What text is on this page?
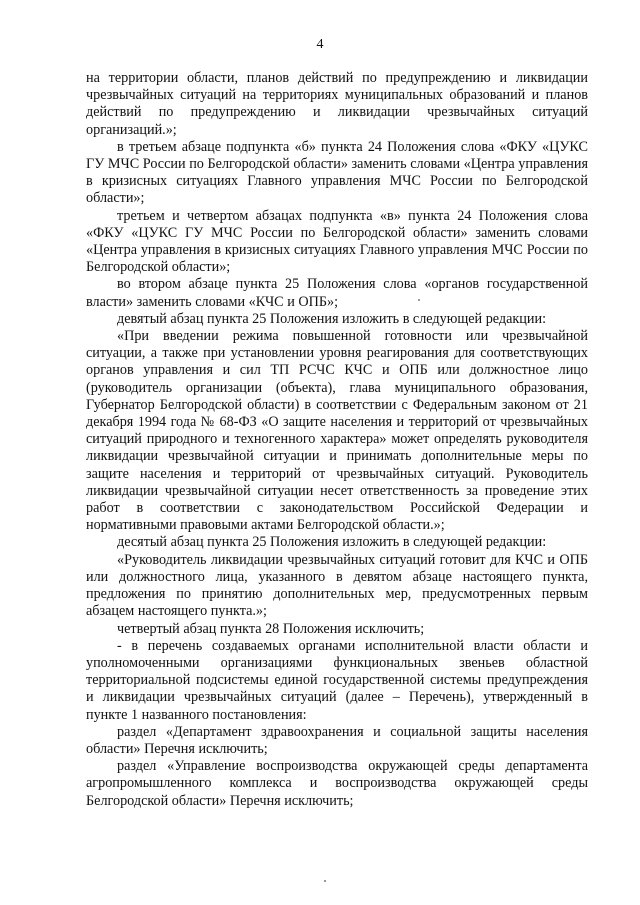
4

на территории области, планов действий по предупреждению и ликвидации чрезвычайных ситуаций на территориях муниципальных образований и планов действий по предупреждению и ликвидации чрезвычайных ситуаций организаций.»;

в третьем абзаце подпункта «б» пункта 24 Положения слова «ФКУ «ЦУКС ГУ МЧС России по Белгородской области» заменить словами «Центра управления в кризисных ситуациях Главного управления МЧС России по Белгородской области»;

третьем и четвертом абзацах подпункта «в» пункта 24 Положения слова «ФКУ «ЦУКС ГУ МЧС России по Белгородской области» заменить словами «Центра управления в кризисных ситуациях Главного управления МЧС России по Белгородской области»;

во втором абзаце пункта 25 Положения слова «органов государственной власти» заменить словами «КЧС и ОПБ»;

девятый абзац пункта 25 Положения изложить в следующей редакции:

«При введении режима повышенной готовности или чрезвычайной ситуации, а также при установлении уровня реагирования для соответствующих органов управления и сил ТП РСЧС КЧС и ОПБ или должностное лицо (руководитель организации (объекта), глава муниципального образования, Губернатор Белгородской области) в соответствии с Федеральным законом от 21 декабря 1994 года № 68-ФЗ «О защите населения и территорий от чрезвычайных ситуаций природного и техногенного характера» может определять руководителя ликвидации чрезвычайной ситуации и принимать дополнительные меры по защите населения и территорий от чрезвычайных ситуаций. Руководитель ликвидации чрезвычайной ситуации несет ответственность за проведение этих работ в соответствии с законодательством Российской Федерации и нормативными правовыми актами Белгородской области.»;

десятый абзац пункта 25 Положения изложить в следующей редакции:

«Руководитель ликвидации чрезвычайных ситуаций готовит для КЧС и ОПБ или должностного лица, указанного в девятом абзаце настоящего пункта, предложения по принятию дополнительных мер, предусмотренных первым абзацем настоящего пункта.»;

четвертый абзац пункта 28 Положения исключить;

- в перечень создаваемых органами исполнительной власти области и уполномоченными организациями функциональных звеньев областной территориальной подсистемы единой государственной системы предупреждения и ликвидации чрезвычайных ситуаций (далее – Перечень), утвержденный в пункте 1 названного постановления:

раздел «Департамент здравоохранения и социальной защиты населения области» Перечня исключить;

раздел «Управление воспроизводства окружающей среды департамента агропромышленного комплекса и воспроизводства окружающей среды Белгородской области» Перечня исключить;
